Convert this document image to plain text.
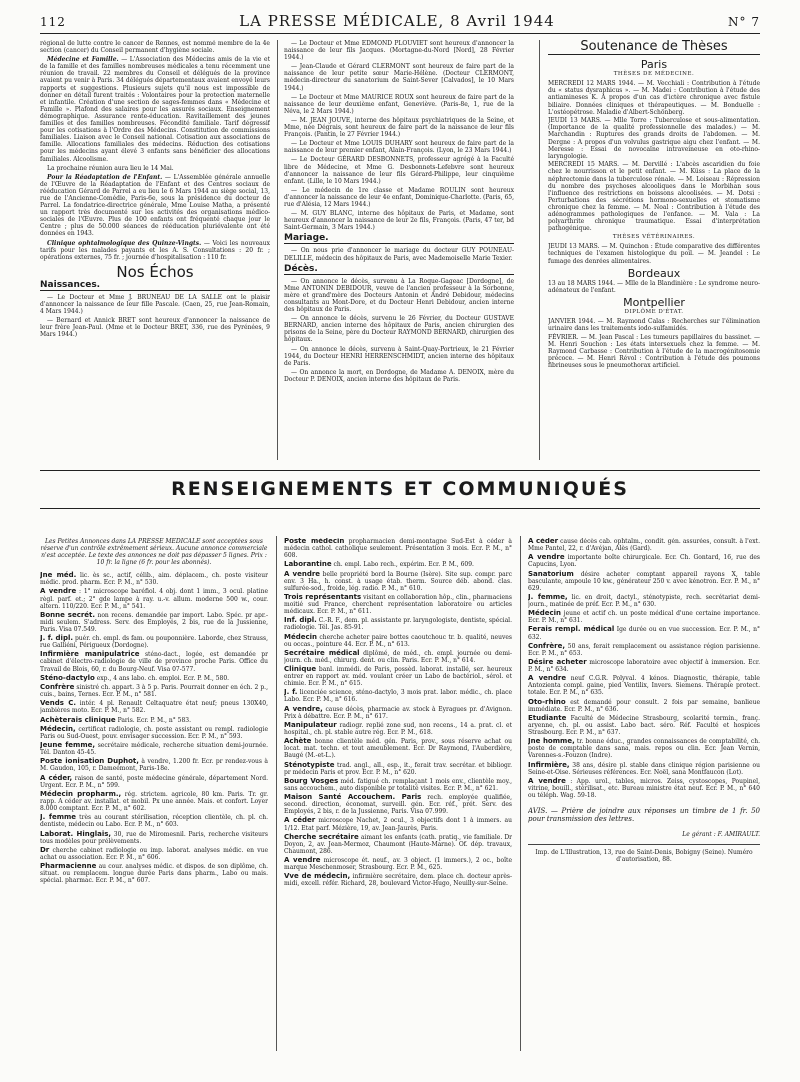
112	LA PRESSE MÉDICALE, 8 Avril 1944	N° 7

régional de lutte contre le cancer de Rennes, est nommé membre de la 4e section (cancer) du Conseil permanent d'hygiène sociale.

Médecine et Famille. — L'Association des Médecins amis de la vie et de la famille et des familles nombreuses médicales a tenu récemment une réunion de travail. 22 membres du Conseil et délégués de la province avaient pu venir à Paris. 34 délégués départementaux avaient envoyé leurs rapports et suggestions. Plusieurs sujets qu'il nous est impossible de donner en détail furent traités : Volontaires pour la protection maternelle et infantile. Création d'une section de sages-femmes dans « Médecine et Famille ». Plafond des salaires pour les assurés sociaux. Enseignement démographique. Assurance rente-éducation. Ravitaillement des jeunes familles et des familles nombreuses. Fécondité familiale. Tarif dégressif pour les cotisations à l'Ordre des Médecins. Constitution de commissions familiales. Liaison avec le Conseil national. Cotisation aux associations de famille. Allocations familiales des médecins. Réduction des cotisations pour les médecins ayant élevé 3 enfants sans bénéficier des allocations familiales. Alcoolisme.

La prochaine réunion aura lieu le 14 Mai.

Pour la Réadaptation de l'Enfant. — L'Assemblée générale annuelle de l'Œuvre de la Réadaptation de l'Enfant et des Centres sociaux de rééducation Gérard de Parrel a eu lieu le 6 Mars 1944 au siège social, 13, rue de l'Ancienne-Comédie, Paris-6e, sous la présidence du docteur de Parrel. La fondatrice-directrice générale, Mme Louise Matha, a présenté un rapport très documenté sur les activités des organisations médico-sociales de l'Œuvre. Plus de 100 enfants ont fréquenté chaque jour le Centre ; plus de 50.000 séances de rééducation pluriévalente ont été données en 1943.

Clinique ophtalmologique des Quinze-Vingts. — Voici les nouveaux tarifs pour les malades payants et les A. S. Consultations : 20 fr. ; opérations externes, 75 fr. ; journée d'hospitalisation : 110 fr.

Nos Échos
Naissances.

— Le Docteur et Mme J. BRUNEAU DE LA SALLE ont le plaisir d'annoncer la naissance de leur fille Pascale. (Caen, 25, rue Jean-Romain, 4 Mars 1944.)

— Bernard et Annick BRET sont heureux d'annoncer la naissance de leur frère Jean-Paul. (Mme et le Docteur BRET, 336, rue des Pyrénées, 9 Mars 1944.)

— Le Docteur et Mme EDMOND PLOUVIET sont heureux d'annoncer la naissance de leur fils Jacques. (Mortagne-du-Nord [Nord], 28 Février 1944.)

— Jean-Claude et Gérard CLERMONT sont heureux de faire part de la naissance de leur petite sœur Marie-Hélène. (Docteur CLERMONT, médecin-directeur du sanatorium de Saint-Sever [Calvados], le 10 Mars 1944.)

— Le Docteur et Mme MAURICE ROUX sont heureux de faire part de la naissance de leur deuxième enfant, Geneviève. (Paris-8e, 1, rue de la Néva, le 2 Mars 1944.)

— M. JEAN JOUVE, interne des hôpitaux psychiatriques de la Seine, et Mme, née Dégrais, sont heureux de faire part de la naissance de leur fils François. (Pantin, le 27 Février 1944.)

— Le Docteur et Mme LOUIS DUHARY sont heureux de faire part de la naissance de leur premier enfant, Alain-François. (Lyon, le 23 Mars 1944.)

— Le Docteur GÉRARD DESBONNETS, professeur agrégé à la Faculté libre de Médecine, et Mme G. Desbonnets-Lefebvre sont heureux d'annoncer la naissance de leur fils Gérard-Philippe, leur cinquième enfant. (Lille, le 10 Mars 1944.)

— Le médecin de 1re classe et Madame ROULIN sont heureux d'annoncer la naissance de leur 4e enfant, Dominique-Charlotte. (Paris, 65, rue d'Alésia, 12 Mars 1944.)

— M. GUY BLANC, interne des hôpitaux de Paris, et Madame, sont heureux d'annoncer la naissance de leur 2e fils, François. (Paris, 47 ter, bd Saint-Germain, 3 Mars 1944.)

Mariage.

— On nous prie d'annoncer le mariage du docteur GUY POUNEAU-DELILLE, médecin des hôpitaux de Paris, avec Mademoiselle Marie Texier.

Décès.

— On annonce le décès, survenu à La Roque-Gageac [Dordogne], de Mme ANTONIN DEBIDOUR, veuve de l'ancien professeur à la Sorbonne, mère et grand'mère des Docteurs Antonin et André Debidour, médecins consultants au Mont-Dore, et du Docteur Henri Debidour, ancien interne des hôpitaux de Paris.

— On annonce le décès, survenu le 26 Février, du Docteur GUSTAVE BERNARD, ancien interne des hôpitaux de Paris, ancien chirurgien des prisons de la Seine, père du Docteur RAYMOND BERNARD, chirurgien des hôpitaux.

— On annonce le décès, survenu à Saint-Quay-Portrieux, le 21 Février 1944, du Docteur HENRI HERRENSCHMIDT, ancien interne des hôpitaux de Paris.

— On annonce la mort, en Dordogne, de Madame A. DENOIX, mère du Docteur P. DENOIX, ancien interne des hôpitaux de Paris.

Soutenance de Thèses
Paris
THÈSES DE MÉDECINE.

MERCREDI 12 MARS 1944. — M. Vecchiali : Contribution à l'étude du « status dysraphicus ». — M. Madei : Contribution à l'étude des antiamineses K. A propos d'un cas d'ictère chronique avec fistule biliaire. Données cliniques et thérapeutiques. — M. Bonduelle : L'ostéopétrose. Maladie d'Albert-Schönberg.

JEUDI 13 MARS. — Mlle Torre : Tuberculose et sous-alimentation. (Importance de la qualité professionnelle des malades.) — M. Marchandin : Ruptures des grands droits de l'abdomen. — M. Dergne : A propos d'un volvulus gastrique aigu chez l'enfant. — M. Meresse : Essai de novocaïne intraveineuse en oto-rhino-laryngologie.

MERCREDI 15 MARS. — M. Dervillé : L'abcès ascaridien du foie chez le nourrisson et le petit enfant. — M. Küss : La place de la néphrectomie dans la tuberculose rénale. — M. Loiseau : Répression du nombre des psychoses alcooliques dans le Morbihan sous l'influence des restrictions en boissons alcoolisées. — M. Dotsi : Perturbations des sécrétions hormono-sexuelles et stomatisme chronique chez la femme. — M. Noal : Contribution à l'étude des adénogrammes pathologiques de l'enfance. — M. Vala : La polyarthrite chronique traumatique. Essai d'interprétation pathogénique.

THÈSES VÉTÉRINAIRES.

JEUDI 13 MARS. — M. Quinchon : Étude comparative des différentes techniques de l'examen histologique du poil. — M. Jeandel : Le fumage des denrées alimentaires.

Bordeaux

13 au 18 MARS 1944. — Mlle de la Blandinière : Le syndrome neuro-adénateux de l'enfant.

Montpellier
DIPLÔME D'ÉTAT.

JANVIER 1944. — M. Raymond Calas : Recherches sur l'élimination urinaire dans les traitements iodo-sulfamidés.

FÉVRIER. — M. Jean Pascal : Les tumeurs papillaires du bassinet. — M. Henri Souchon : Les états intersexuels chez la femme. — M. Raymond Carbasse : Contribution à l'étude de la macrogénitosomie précoce. — M. Henri Révol : Contribution à l'étude des poumons fibrineuses sous le pneumothorax artificiel.

RENSEIGNEMENTS ET COMMUNIQUÉS

Les Petites Annonces dans LA PRESSE MÉDICALE sont acceptées sous réserve d'un contrôle extrêmement sérieux. Aucune annonce commerciale n'est acceptée. Le texte des annonces ne doit pas dépasser 5 lignes. Prix : 10 fr. la ligne (6 fr. pour les abonnés).

Jne méd. lic. ès sc., actif, célib., aim. déplacem., ch. poste visiteur médic. prod. pharm. Ecr. P. M., n° 530.

A vendre : 1° microscope baréfiol. 4 obj. dont 1 imm., 3 ocul. platine règl. parf. et.; 2° gde lampe à ray. u.-v. allum. moderne 500 w., cour. altern. 110/220. Ecr. P. M., n° 541.

Bonne secrét. non recens. demandée par import. Labo. Spéc. pr apr.-midi seulem. S'adress. Serv. des Employés, 2 bis, rue de la Jussienne, Paris. Visa 07.549.

J. f. dipl. puér. ch. empl. ds fam. ou pouponnière. Laborde, chez Strauss, rue Galliéni, Périgueux (Dordogne).

Infirmière manipulatrice sténo-dact., logée, est demandée pr cabinet d'électro-radiologie de ville de province proche Paris. Office du Travail de Blois, 60, r. du Bourg-Neuf. Visa 07-577.

Sténo-dactylo exp., 4 ans labo. ch. emploi. Ecr. P. M., 580.

Confrère sinistré ch. appart. 3 à 5 p. Paris. Pourrait donner en éch. 2 p., cuis., bains, Ternes. Ecr. P. M., n° 581.

Vends C. intér. 4 pl. Renault Celtaquatre état neuf; pneus 130X40, jambières moto. Ecr. P. M., n° 582.

Achèterais clinique Paris. Ecr. P. M., n° 583.

Médecin, certificat radiologie, ch. poste assistant ou rempl. radiologie Paris ou Sud-Ouest, pouv. envisager succession. Ecr. P. M., n° 593.

Jeune femme, secrétaire médicale, recherche situation demi-journée. Tél. Danton 45-45.

Poste ionisation Duphot, à vendre, 1.200 fr. Ecr. pr rendez-vous à M. Gaudon, 105, r. Dameémont, Paris-18e.

A céder, raison de santé, poste médecine générale, département Nord. Urgent. Ecr. P. M., n° 599.

Médecin propharm., rég. strictem. agricole, 80 km. Paris. Tr. gr. rapp. A céder av. installat. et mobil. Px une année. Mais. et confort. Loyer 8.000 comptant. Ecr. P. M., n° 602.

J. femme très au courant stérilisation, réception clientèle, ch. pl. ch. dentiste, médecin ou Labo. Ecr. P. M., n° 603.

Laborat. Hinglais, 30, rue de Miromesnil. Paris, recherche visiteurs tous modèles pour prélèvements.

Dr cherche cabinet radiologie ou imp. laborat. analyses médic. en vue achat ou association. Ecr. P. M., n° 606.

Pharmacienne au cour. analyses médic. et dispos. de son diplôme, ch. situat. ou remplacem. longue durée Paris dans pharm., Labo ou mais. spécial. pharmac. Ecr. P. M., n° 607.

Poste médecin propharmacien demi-montagne Sud-Est à céder à médecin cathol. catholique seulement. Présentation 3 mois. Ecr. P. M., n° 608.

Laborantine ch. empl. Labo rech., expérim. Ecr. P. M., 609.

A vendre belle propriété bord la Bourne (Isère). Site sup. compr. parc env. 3 Ha., h. const. à usage étab. therm. Source déb. abond. clas. sulfurée-sod., froide, lég. radio. P. M., n° 610.

Trois représentants visitant en collaboration hôp., clin., pharmaciens moitié sud France, cherchent représentation laboratoire ou articles médicaux. Ecr. P. M., n° 611.

Inf. dipl. C.-R. F., dem. pl. assistante pr. laryngologiste, dentiste, spécial. radiologie. Tél. Jas. 85-91.

Médecin cherche acheter paire bottes caoutchouc tr. b. qualité, neuves ou occas., pointure 44. Ecr. P. M., n° 613.

Secrétaire médical diplômé, de méd., ch. empl. journée ou demi-journ. ch. méd., chirurg. dent. ou clin. Paris. Ecr. P. M., n° 614.

Clinique banl. immédi. de Paris, possèd. laborat. installé, ser. heureux entrer en rapport av. méd. voulant créer un Labo de bactériol., sérol. et chimie. Ecr. P. M., n° 615.

J. f. licenciée science, sténo-dactylo, 3 mois prat. labor. médic., ch. place Labo. Ecr. P. M., n° 616.

A vendre, cause décès, pharmacie av. stock à Eyragues pr. d'Avignon. Prix à débattre. Ecr. P. M., n° 617.

Manipulateur radiogr. replié zone sud, non recens., 14 a. prat. cl. et hospital., ch. pl. stable autre rég. Ecr. P. M., 618.

Achète bonne clientèle méd. gén. Paris, prov., sous réserve achat ou locat. mat. techn. et tout ameublement. Ecr. Dr Raymond, l'Auberdière, Baugé (M.-et-L.).

Sténotypiste trad. angl., all., esp., it., ferait trav. secrétar. et bibliogr. pr médecin Paris et prov. Ecr. P. M., n° 620.

Bourg Vosges méd. fatigué ch. remplaçant 1 mois env., clientèle moy., sans accouchem., auto disponible pr totalité visites. Ecr. P. M., n° 621.

Maison Santé Accouchem. Paris rech. employée qualifiée, second. direction, économat, surveill. gén. Ecr. réf., prét. Serv. des Employés, 2 bis, r. de la Jussienne, Paris. Visa 07.999.

A céder microscope Nachet, 2 ocul., 3 objectifs dont 1 à immers. au 1/12. Etat parf. Mézière, 19, av. Jean-Jaurès, Paris.

Cherche secrétaire aimant les enfants (cath. pratiq., vie familiale. Dr Doyon, 2, av. Jean-Mermoz, Chaumont (Haute-Marne). Of. dép. travaux, Chaumont, 286.

A vendre microscope ét. neuf., av. 3 object. (1 immers.), 2 oc., boîte marque Meschenmoser, Strasbourg. Ecr. P. M., 625.

Vve de médecin, infirmière secrétaire, dem. place ch. docteur après-midi, excell. référ. Richard, 28, boulevard Victor-Hugo, Neuilly-sur-Seine.

A céder cause décès cab. ophtalm., condit. gén. assurées, consult. à l'ext. Mme Pantel, 22, r. d'Avéjan, Alès (Gard).

A vendre importante boîte chirurgicale. Ecr. Ch. Gontard, 16, rue des Capucins, Lyon.

Sanatorium désire acheter comptant appareil rayons X, table basculante, ampoule 10 kw., générateur 250 v. avec kénotron. Ecr. P. M., n° 629.

J. femme, lic. en droit, dactyl., sténotypiste, rech. secrétariat demi-journ., matinée de préf. Ecr. P. M., n° 630.

Médecin jeune et actif ch. un poste médical d'une certaine importance. Ecr. P. M., n° 631.

Ferais rempl. médical Ige durée ou en vue succession. Ecr. P. M., n° 632.

Confrère, 50 ans, ferait remplacement ou assistance région parisienne. Ecr. P. M., n° 653.

Désire acheter microscope laboratoire avec objectif à immersion. Ecr. P. M., n° 634.

A vendre neuf C.G.R. Polyval. 4 kénos. Diagnostic, thérapie, table Antozienta compl. gaine, pied Ventilix, Invers. Siemens. Thérapie protect. totale. Ecr. P. M., n° 635.

Oto-rhino est demandé pour consult. 2 fois par semaine, banlieue immédiate. Ecr. P. M., n° 636.

Etudiante Faculté de Médecine Strasbourg, scolarité termin., franç. aryenne, ch. pl. ou assist. Labo bact. séro. Réf. Faculté et hospices Strasbourg. Ecr. P. M., n° 637.

Jne homme, tr. bonne éduc., grandes connaissances de comptabilité, ch. poste de comptable dans sana, mais. repos ou clin. Ecr. Jean Vernin, Varennes-s.-Fouzon (Indre).

Infirmière, 38 ans, désire pl. stable dans clinique région parisienne ou Seine-et-Oise. Sérieuses références. Ecr. Noël, sana Montfaucon (Lot).

A vendre : App. urol., tables, micros. Zeiss, cystoscopes, Poupinel, vitrine, bouill., stérilisat., etc. Bureau ministre état neuf. Ecr. P. M., n° 640 ou téléph. Wag. 59-18.

AVIS. — Prière de joindre aux réponses un timbre de 1 fr. 50 pour transmission des lettres.

Le gérant : F. AMIRAULT.

Imp. de L'Illustration, 13, rue de Saint-Denis, Bobigny (Seine). Numéro d'autorisation, 88.
